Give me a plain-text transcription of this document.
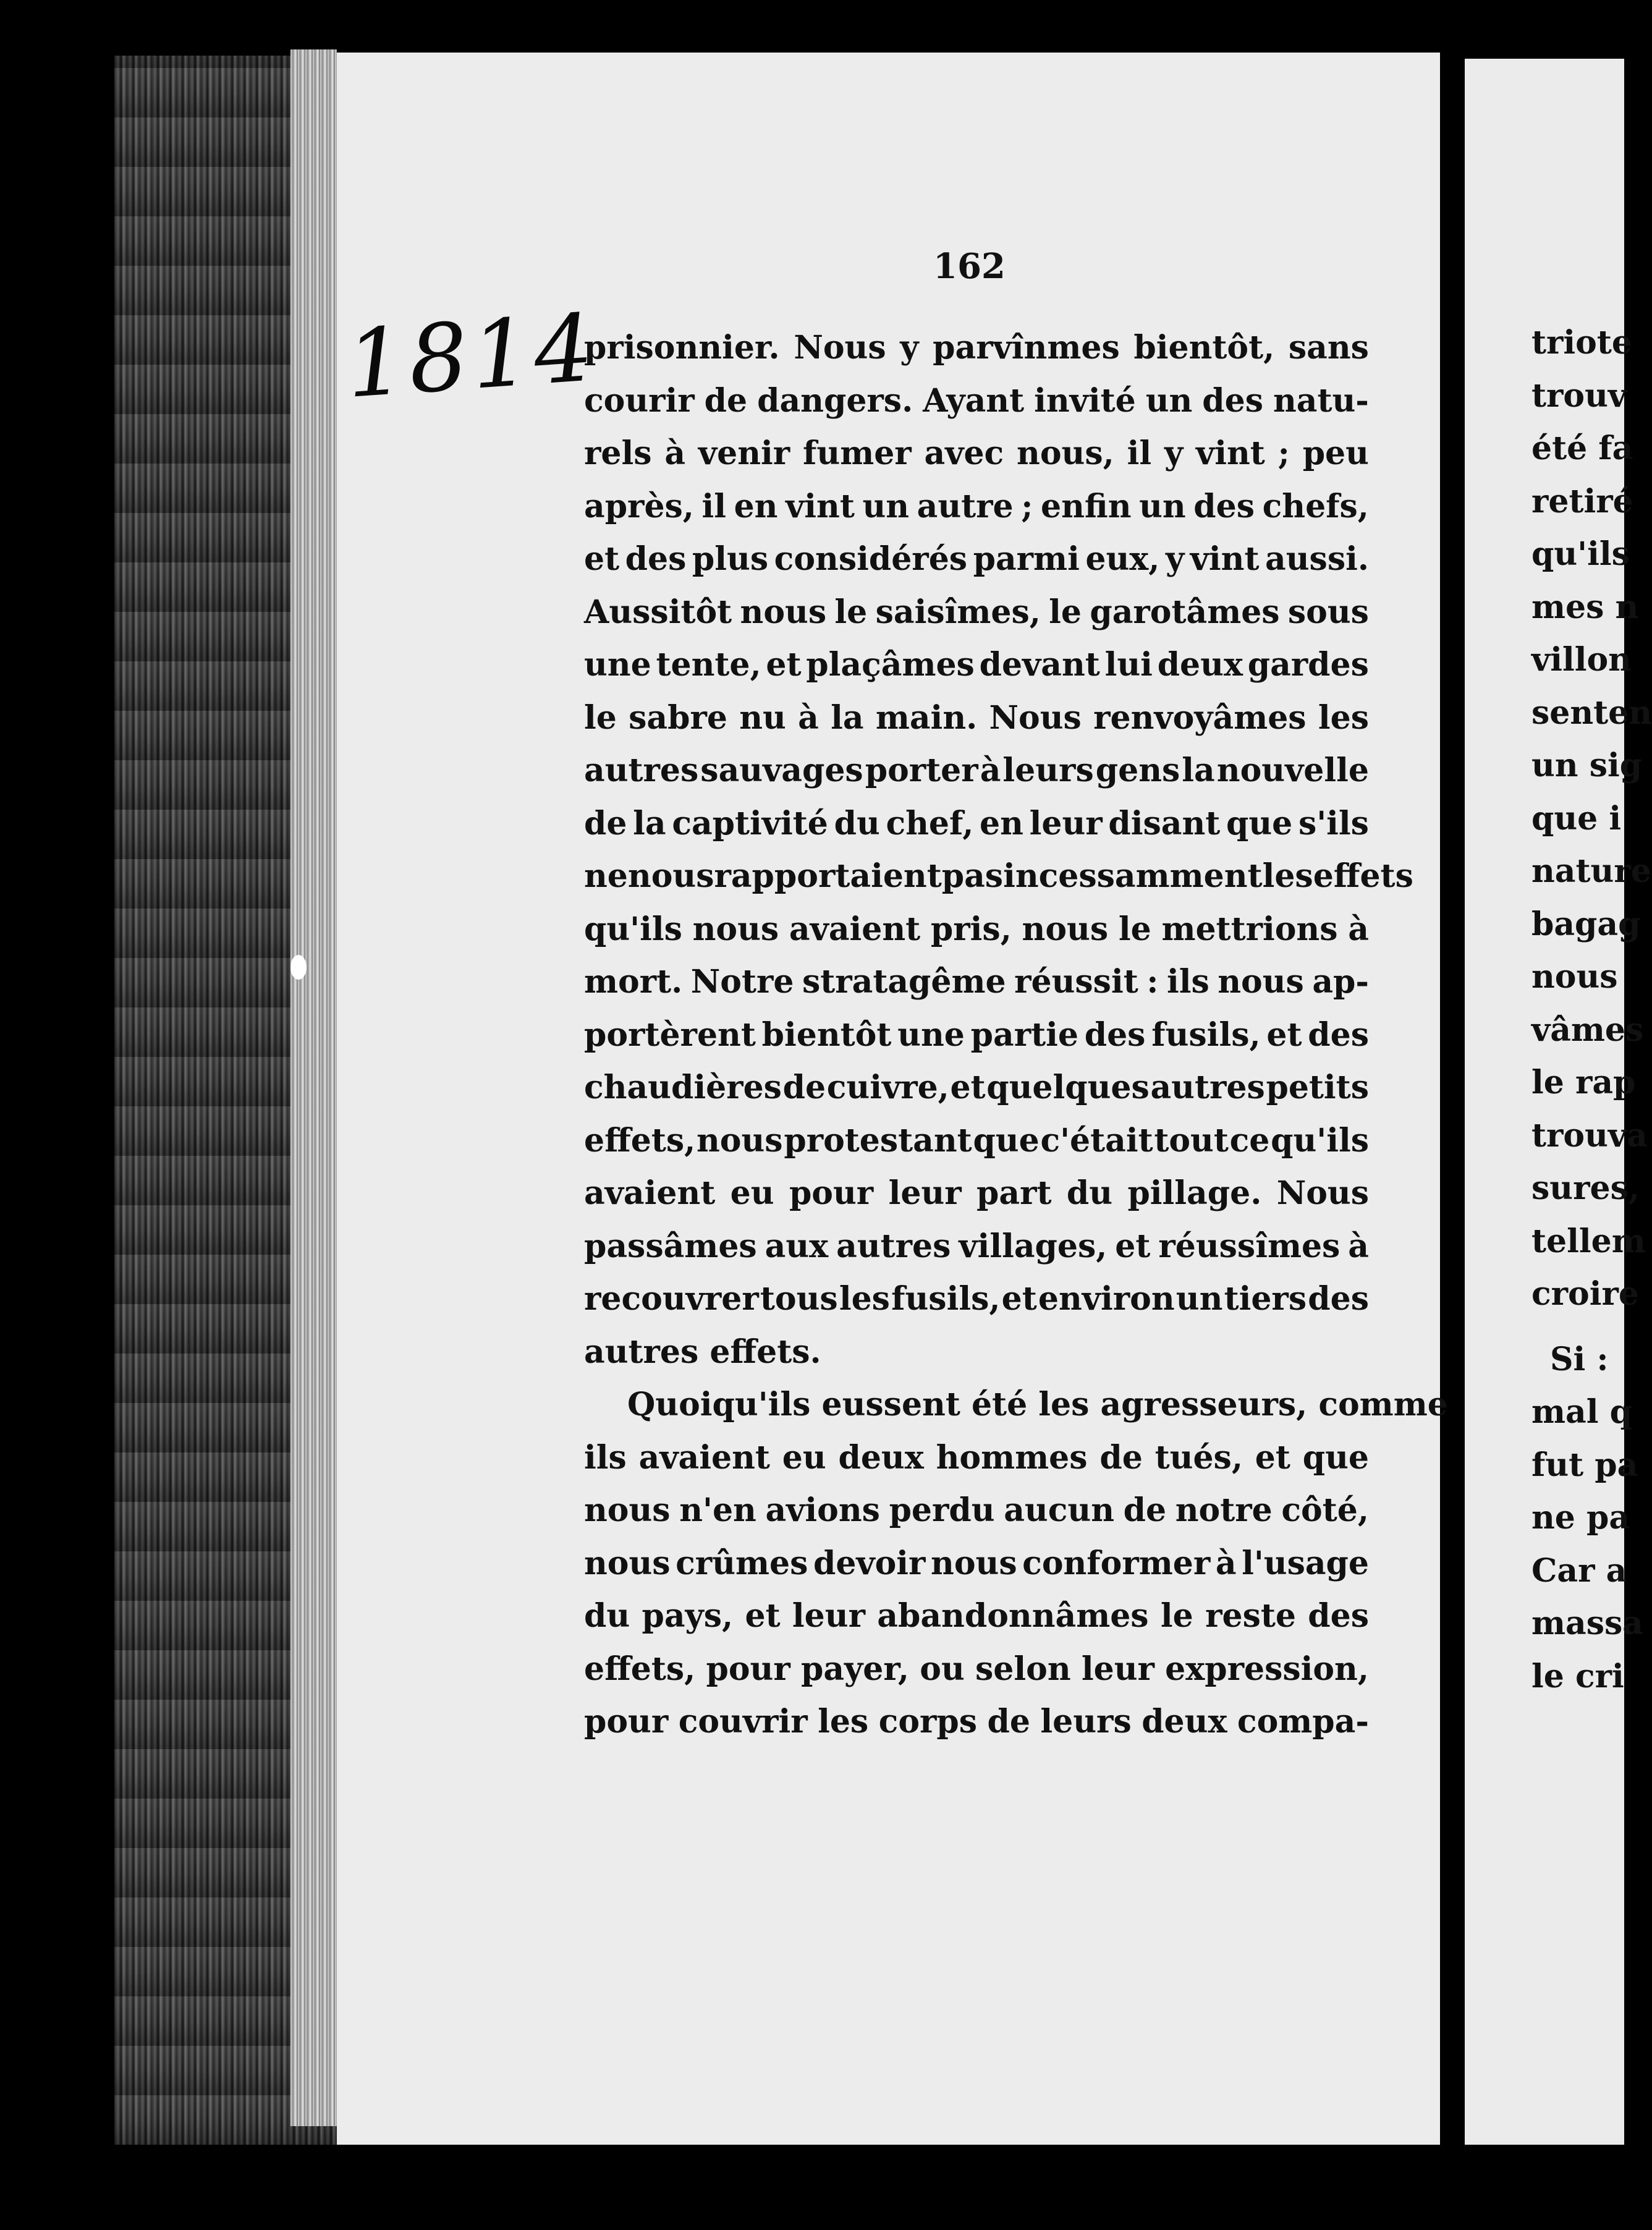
162
1814
prisonnier. Nous y parvînmes bientôt, sans
courir de dangers. Ayant invité un des natu-
rels à venir fumer avec nous, il y vint ; peu
après, il en vint un autre ; enfin un des chefs,
et des plus considérés parmi eux, y vint aussi.
Aussitôt nous le saisîmes, le garotâmes sous
une tente, et plaçâmes devant lui deux gardes
le sabre nu à la main. Nous renvoyâmes les
autres sauvages porter à leurs gens la nouvelle
de la captivité du chef, en leur disant que s'ils
ne nous rapportaient pas incessamment les effets
qu'ils nous avaient pris, nous le mettrions à
mort. Notre stratagême réussit : ils nous ap-
portèrent bientôt une partie des fusils, et des
chaudières de cuivre, et quelques autres petits
effets, nous protestant que c'était tout ce qu'ils
avaient eu pour leur part du pillage. Nous
passâmes aux autres villages, et réussîmes à
recouvrer tous les fusils, et environ un tiers des
autres effets.
Quoiqu'ils eussent été les agresseurs, comme
ils avaient eu deux hommes de tués, et que
nous n'en avions perdu aucun de notre côté,
nous crûmes devoir nous conformer à l'usage
du pays, et leur abandonnâmes le reste des
effets, pour payer, ou selon leur expression,
pour couvrir les corps de leurs deux compa-
triote
trouv
été fa
retiré
qu'ils
mes n
villon
senten
un sig
que i
nature
bagag
nous
vâmes
le rap
trouva
sures,
tellem
croire
Si :
mal q
fut pa
ne pa
Car a
massa
le cri
